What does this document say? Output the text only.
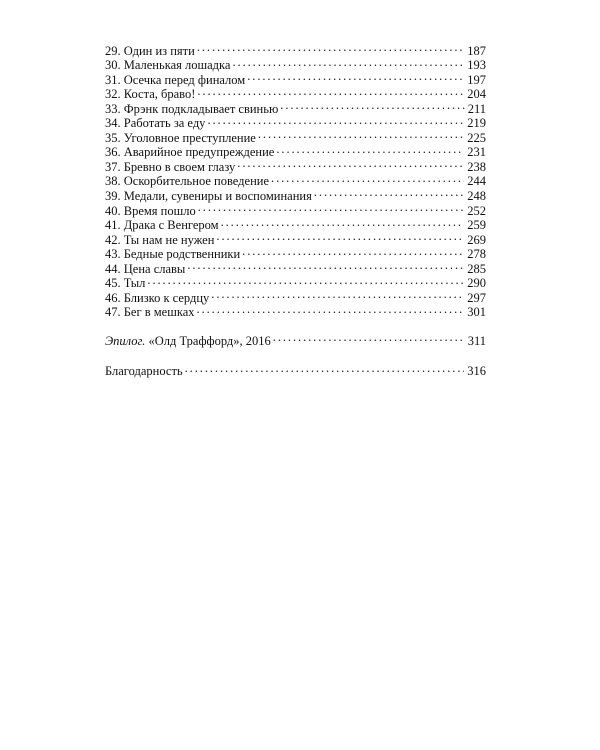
29. Один из пяти . . .	187
30. Маленькая лошадка . . .	193
31. Осечка перед финалом . . .	197
32. Коста, браво! . . .	204
33. Фрэнк подкладывает свинью . . .	211
34. Работать за еду . . .	219
35. Уголовное преступление . . .	225
36. Аварийное предупреждение . . .	231
37. Бревно в своем глазу . . .	238
38. Оскорбительное поведение . . .	244
39. Медали, сувениры и воспоминания . . .	248
40. Время пошло . . .	252
41. Драка с Венгером . . .	259
42. Ты нам не нужен . . .	269
43. Бедные родственники . . .	278
44. Цена славы . . .	285
45. Тыл . . .	290
46. Близко к сердцу . . .	297
47. Бег в мешках . . .	301
Эпилог. «Олд Траффорд», 2016 . . .	311
Благодарность . . .	316
